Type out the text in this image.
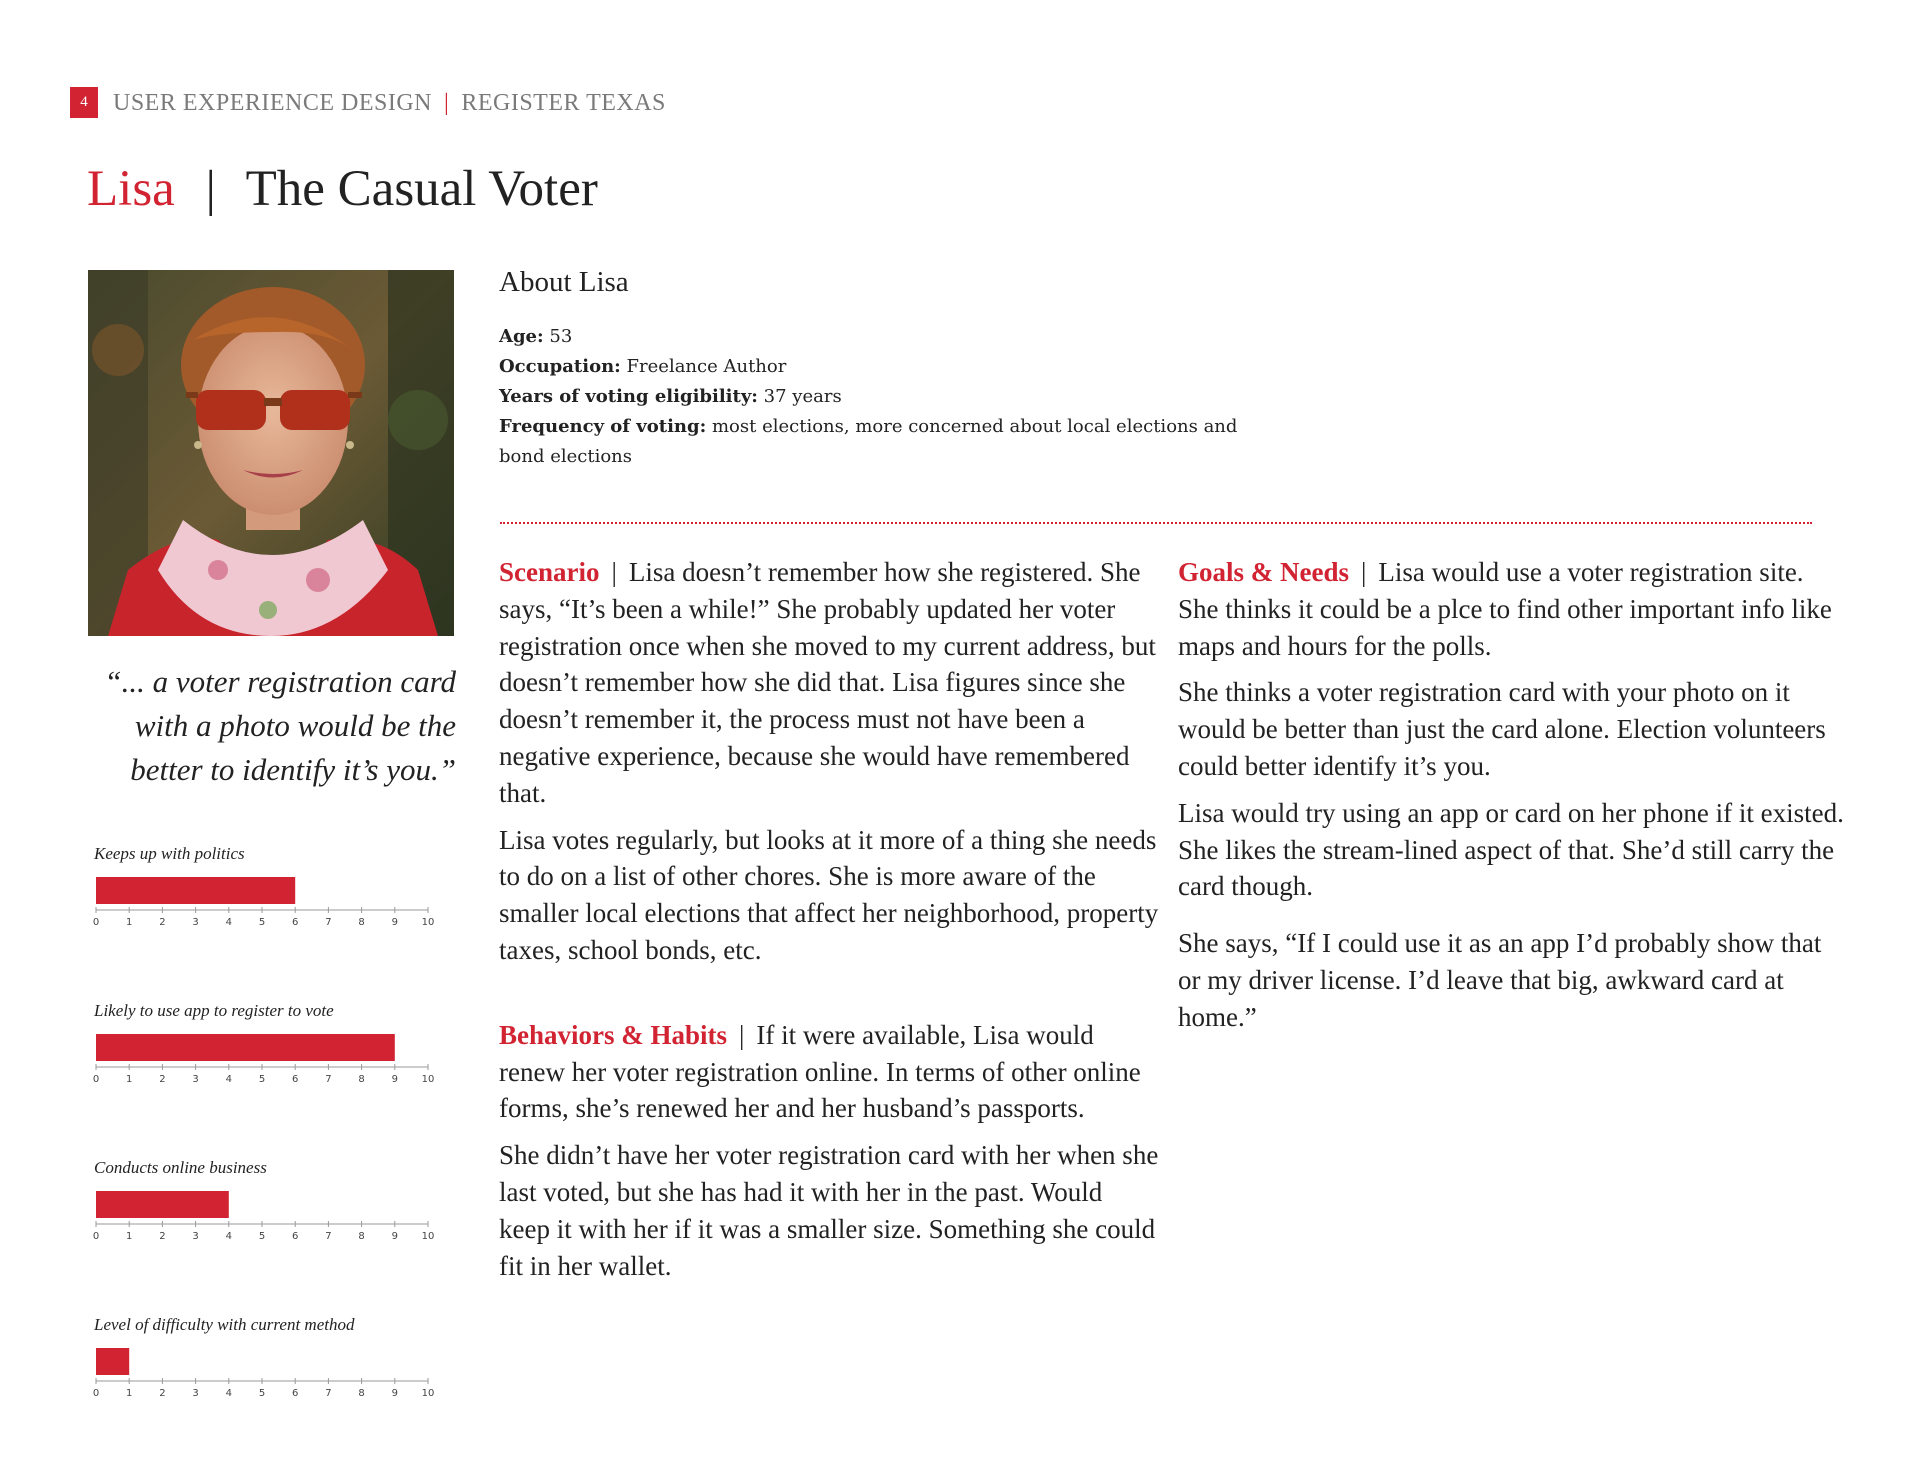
4	USER EXPERIENCE DESIGN | REGISTER TEXAS
Lisa | The Casual Voter
“... a voter registration card with a photo would be the better to identify it’s you.”
Keeps up with politics
0	1	2	3	4	5	6	7	8	9 10
Likely to use app to register to vote
0	1	2	3	4	5	6	7	8	9 10
Conducts online business
0	1	2	3	4	5	6	7	8	9 10
Level of difficulty with current method
0	1	2	3	4	5	6	7	8	9 10
About Lisa
Age: 53
Occupation: Freelance Author
Years of voting eligibility: 37 years
Frequency of voting: most elections, more concerned about local elections and bond elections

Scenario | Lisa doesn’t remember how she registered. She says, “It’s been a while!” She probably updated her voter registration once when she moved to my current address, but doesn’t remember how she did that. Lisa figures since she doesn’t remember it, the process must not have been a negative experience, because she would have remembered that.

Lisa votes regularly, but looks at it more of a thing she needs to do on a list of other chores. She is more aware of the smaller local elections that affect her neighborhood, property taxes, school bonds, etc.

Behaviors & Habits | If it were available, Lisa would renew her voter registration online. In terms of other online forms, she’s renewed her and her husband’s passports.

She didn’t have her voter registration card with her when she last voted, but she has had it with her in the past. Would keep it with her if it was a smaller size. Something she could fit in her wallet.

Goals & Needs | Lisa would use a voter registration site. She thinks it could be a plce to find other important info like maps and hours for the polls.

She thinks a voter registration card with your photo on it would be better than just the card alone. Election volunteers could better identify it’s you.

Lisa would try using an app or card on her phone if it existed. She likes the stream-lined aspect of that. She’d still carry the card though.

She says, “If I could use it as an app I’d probably show that or my driver license. I’d leave that big, awkward card at home.”
